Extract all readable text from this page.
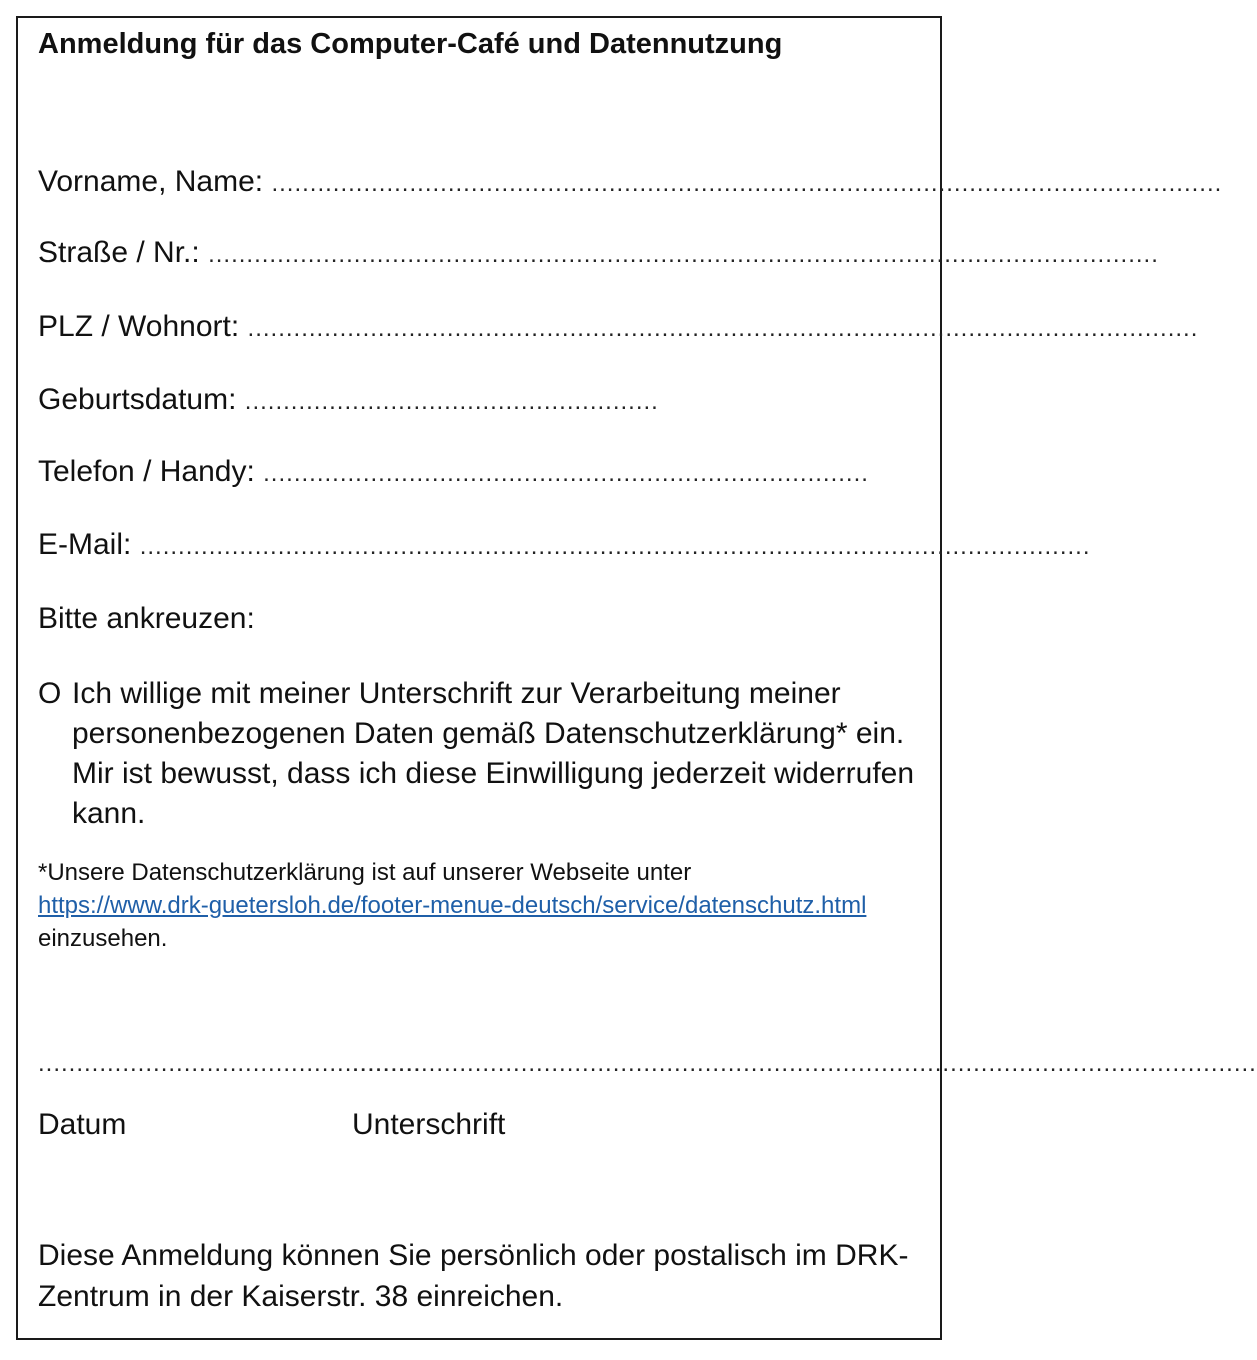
Anmeldung für das Computer-Café und Datennutzung
Vorname, Name: ............................................................................................................................
Straße / Nr.: ............................................................................................................................
PLZ / Wohnort: ............................................................................................................................
Geburtsdatum: ......................................................
Telefon / Handy: ...............................................................................
E-Mail: ............................................................................................................................
Bitte ankreuzen:
O Ich willige mit meiner Unterschrift zur Verarbeitung meiner personenbezogenen Daten gemäß Datenschutzerklärung* ein. Mir ist bewusst, dass ich diese Einwilligung jederzeit widerrufen kann.
*Unsere Datenschutzerklärung ist auf unserer Webseite unter
https://www.drk-guetersloh.de/footer-menue-deutsch/service/datenschutz.html einzusehen.
..................................................
......................................................................................................................
Datum	Unterschrift
Diese Anmeldung können Sie persönlich oder postalisch im DRK-Zentrum in der Kaiserstr. 38 einreichen.
